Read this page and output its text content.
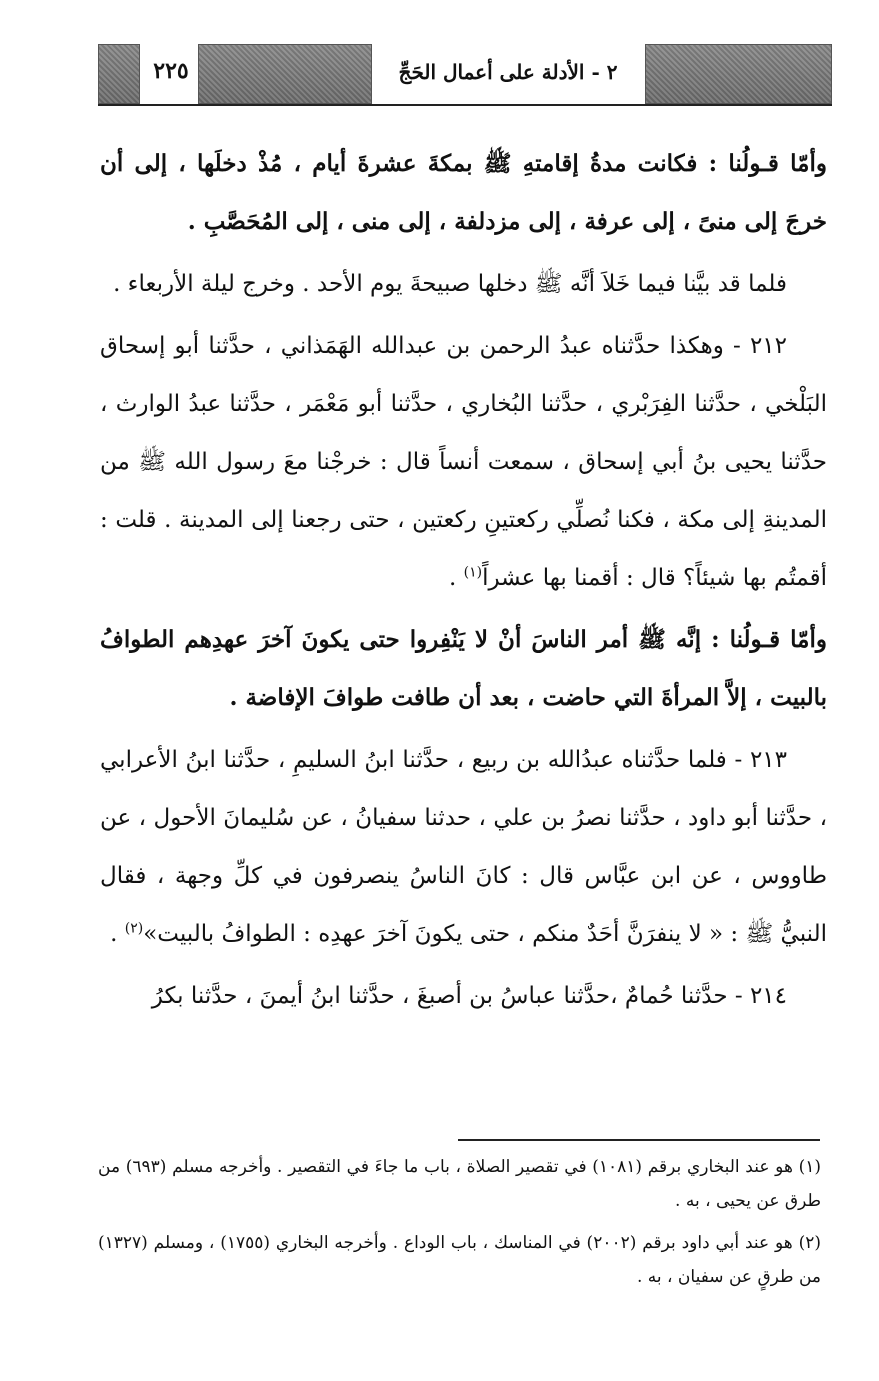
٢٢٥	٢ - الأدلة على أعمال الحَجِّ

وأمّا قـولُنا : فكانت مدةُ إقامتهِ ﷺ بمكةَ عشرةَ أيام ، مُذْ دخلَها ، إلى أن خرجَ إلى منىً ، إلى عرفة ، إلى مزدلفة ، إلى منى ، إلى المُحَصَّبِ .

فلما قد بيَّنا فيما خَلاَ أنَّه ﷺ دخلها صبيحةَ يوم الأحد . وخرج ليلة الأربعاء .

٢١٢ - وهكذا حدَّثناه عبدُ الرحمن بن عبدالله الهَمَذاني ، حدَّثنا أبو إسحاق البَلْخي ، حدَّثنا الفِرَبْري ، حدَّثنا البُخاري ، حدَّثنا أبو مَعْمَر ، حدَّثنا عبدُ الوارث ، حدَّثنا يحيى بنُ أبي إسحاق ، سمعت أنساً قال : خرجْنا معَ رسول الله ﷺ من المدينةِ إلى مكة ، فكنا نُصلِّي ركعتينِ ركعتين ، حتى رجعنا إلى المدينة . قلت : أقمتُم بها شيئاً؟ قال : أقمنا بها عشراً$^{(١)}$ .

وأمّا قـولُنا : إنَّه ﷺ أمر الناسَ أنْ لا يَنْفِروا حتى يكونَ آخرَ عهدِهم الطوافُ بالبيت ، إلاَّ المرأةَ التي حاضت ، بعد أن طافت طوافَ الإفاضة .

٢١٣ - فلما حدَّثناه عبدُالله بن ربيع ، حدَّثنا ابنُ السليمِ ، حدَّثنا ابنُ الأعرابي ، حدَّثنا أبو داود ، حدَّثنا نصرُ بن علي ، حدثنا سفيانُ ، عن سُليمانَ الأحول ، عن طاووس ، عن ابن عبَّاس قال : كانَ الناسُ ينصرفون في كلِّ وجهة ، فقال النبيُّ ﷺ : « لا ينفرَنَّ أحَدٌ منكم ، حتى يكونَ آخرَ عهدِه : الطوافُ بالبيت»$^{(٢)}$ .

٢١٤ - حدَّثنا حُمامٌ ،حدَّثنا عباسُ بن أصبغَ ، حدَّثنا ابنُ أيمنَ ، حدَّثنا بكرُ

(١) هو عند البخاري برقم (١٠٨١) في تقصير الصلاة ، باب ما جاءَ في التقصير . وأخرجه مسلم (٦٩٣) من طرق عن يحيى ، به .

(٢) هو عند أبي داود برقم (٢٠٠٢) في المناسك ، باب الوداع . وأخرجه البخاري (١٧٥٥) ، ومسلم (١٣٢٧) من طرقٍ عن سفيان ، به .
